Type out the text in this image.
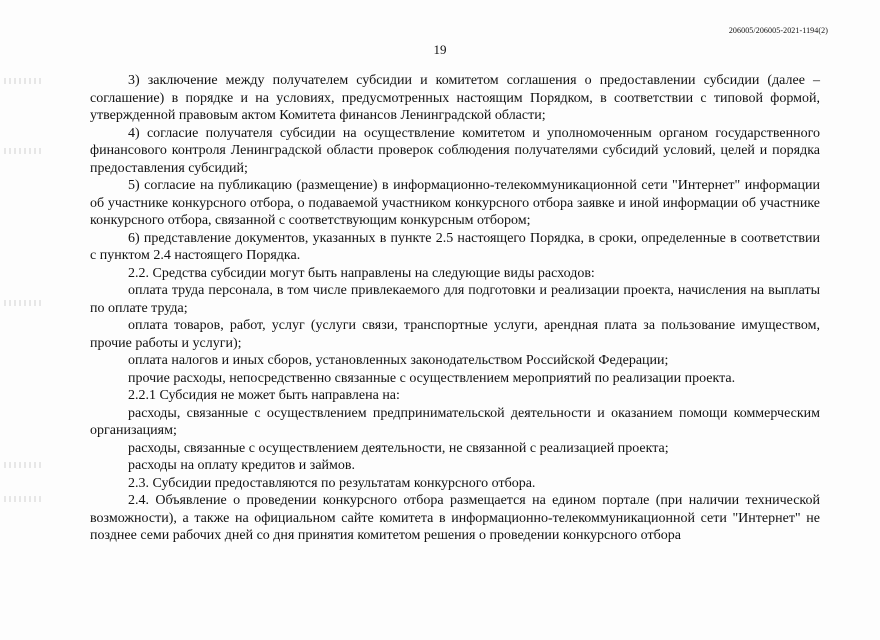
206005/206005-2021-1194(2)
19

3) заключение между получателем субсидии и комитетом соглашения о предоставлении субсидии (далее – соглашение) в порядке и на условиях, предусмотренных настоящим Порядком, в соответствии с типовой формой, утвержденной правовым актом Комитета финансов Ленинградской области;

4) согласие получателя субсидии на осуществление комитетом и уполномоченным органом государственного финансового контроля Ленинградской области проверок соблюдения получателями субсидий условий, целей и порядка предоставления субсидий;

5) согласие на публикацию (размещение) в информационно-телекоммуникационной сети "Интернет" информации об участнике конкурсного отбора, о подаваемой участником конкурсного отбора заявке и иной информации об участнике конкурсного отбора, связанной с соответствующим конкурсным отбором;

6) представление документов, указанных в пункте 2.5 настоящего Порядка, в сроки, определенные в соответствии с пунктом 2.4 настоящего Порядка.

2.2. Средства субсидии могут быть направлены на следующие виды расходов:

оплата труда персонала, в том числе привлекаемого для подготовки и реализации проекта, начисления на выплаты по оплате труда;

оплата товаров, работ, услуг (услуги связи, транспортные услуги, арендная плата за пользование имуществом, прочие работы и услуги);

оплата налогов и иных сборов, установленных законодательством Российской Федерации;

прочие расходы, непосредственно связанные с осуществлением мероприятий по реализации проекта.

2.2.1 Субсидия не может быть направлена на:

расходы, связанные с осуществлением предпринимательской деятельности и оказанием помощи коммерческим организациям;

расходы, связанные с осуществлением деятельности, не связанной с реализацией проекта;

расходы на оплату кредитов и займов.

2.3. Субсидии предоставляются по результатам конкурсного отбора.

2.4. Объявление о проведении конкурсного отбора размещается на едином портале (при наличии технической возможности), а также на официальном сайте комитета в информационно-телекоммуникационной сети "Интернет" не позднее семи рабочих дней со дня принятия комитетом решения о проведении конкурсного отбора
